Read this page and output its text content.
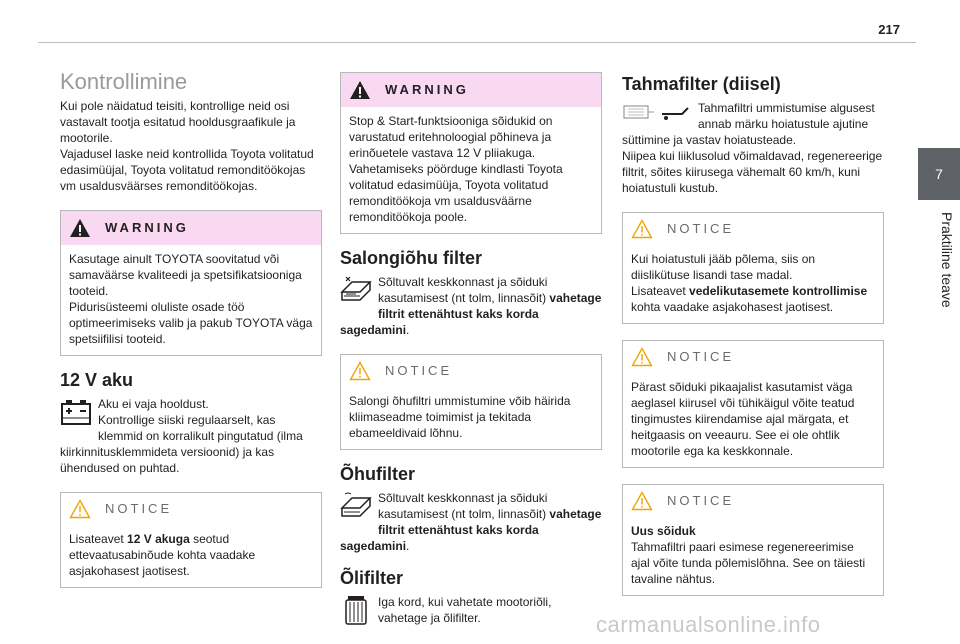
217
7
Praktiline teave
Kontrollimine

Kui pole näidatud teisiti, kontrollige neid osi vastavalt tootja esitatud hooldusgraafikule ja mootorile.
Vajadusel laske neid kontrollida Toyota volitatud edasimüüjal, Toyota volitatud remonditöökojas vm usaldusväärses remonditöökojas.

WARNING
Kasutage ainult TOYOTA soovitatud või samaväärse kvaliteedi ja spetsifikatsiooniga tooteid.
Pidurisüsteemi oluliste osade töö optimeerimiseks valib ja pakub TOYOTA väga spetsiifilisi tooteid.
12 V aku
Aku ei vaja hooldust.
Kontrollige siiski regulaarselt, kas klemmid on korralikult pingutatud (ilma kiirkinnitusklemmideta versioonid) ja kas ühendused on puhtad.
NOTICE
Lisateavet 12 V akuga seotud ettevaatusabinõude kohta vaadake asjakohasest jaotisest.
WARNING
Stop & Start-funktsiooniga sõidukid on varustatud eritehnoloogial põhineva ja erinõuetele vastava 12 V pliiakuga. Vahetamiseks pöörduge kindlasti Toyota volitatud edasimüüja, Toyota volitatud remonditöökoja vm usaldusväärne remonditöökoja poole.
Salongiõhu filter
Sõltuvalt keskkonnast ja sõiduki kasutamisest (nt tolm, linnasõit) vahetage filtrit ettenähtust kaks korda sagedamini.
NOTICE
Salongi õhufiltri ummistumine võib häirida kliimaseadme toimimist ja tekitada ebameeldivaid lõhnu.
Õhufilter
Sõltuvalt keskkonnast ja sõiduki kasutamisest (nt tolm, linnasõit) vahetage filtrit ettenähtust kaks korda sagedamini.
Õlifilter
Iga kord, kui vahetate mootoriõli, vahetage ja õlifilter.
Tahmafilter (diisel)
Tahmafiltri ummistumise algusest annab märku hoiatustule ajutine süttimine ja vastav hoiatusteade.
Niipea kui liiklusolud võimaldavad, regenereerige filtrit, sõites kiirusega vähemalt 60 km/h, kuni hoiatustuli kustub.
NOTICE
Kui hoiatustuli jääb põlema, siis on diislikütuse lisandi tase madal.
Lisateavet vedelikutasemete kontrollimise kohta vaadake asjakohasest jaotisest.
NOTICE
Pärast sõiduki pikaajalist kasutamist väga aeglasel kiirusel või tühikäigul võite teatud tingimustes kiirendamise ajal märgata, et heitgaasis on veeauru. See ei ole ohtlik mootorile ega ka keskkonnale.
NOTICE
Uus sõiduk
Tahmafiltri paari esimese regenereerimise ajal võite tunda põlemislõhna. See on täiesti tavaline nähtus.
carmanualsonline.info
